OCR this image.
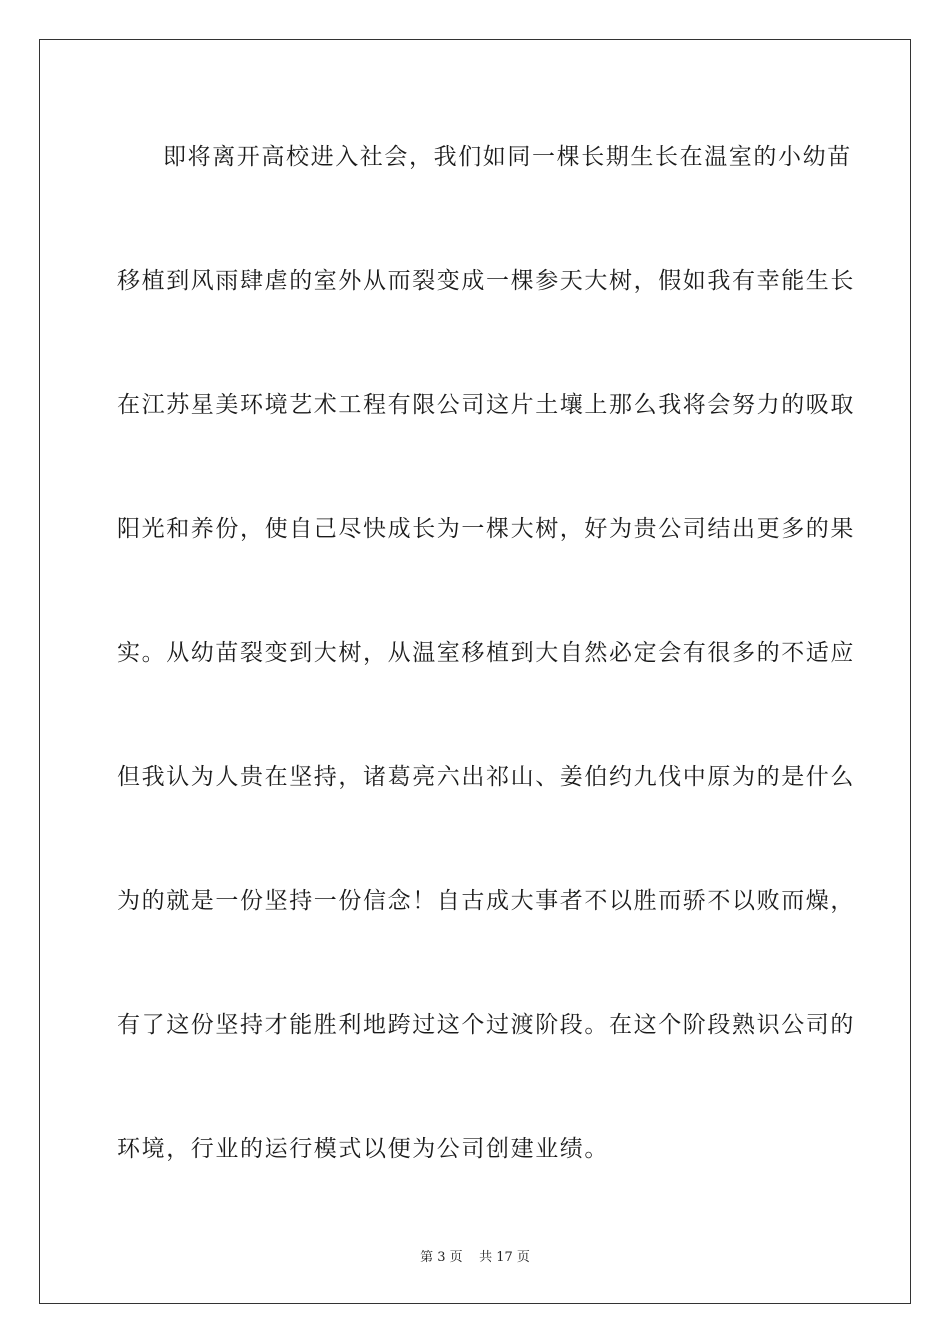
即将离开高校进入社会，我们如同一棵长期生长在温室的小幼苗
移植到风雨肆虐的室外从而裂变成一棵参天大树，假如我有幸能生长
在江苏星美环境艺术工程有限公司这片土壤上那么我将会努力的吸取
阳光和养份，使自己尽快成长为一棵大树，好为贵公司结出更多的果
实。从幼苗裂变到大树，从温室移植到大自然必定会有很多的不适应
但我认为人贵在坚持，诸葛亮六出祁山、姜伯约九伐中原为的是什么
为的就是一份坚持一份信念！自古成大事者不以胜而骄不以败而燥，
有了这份坚持才能胜利地跨过这个过渡阶段。在这个阶段熟识公司的
环境，行业的运行模式以便为公司创建业绩。
第 3 页    共 17 页
